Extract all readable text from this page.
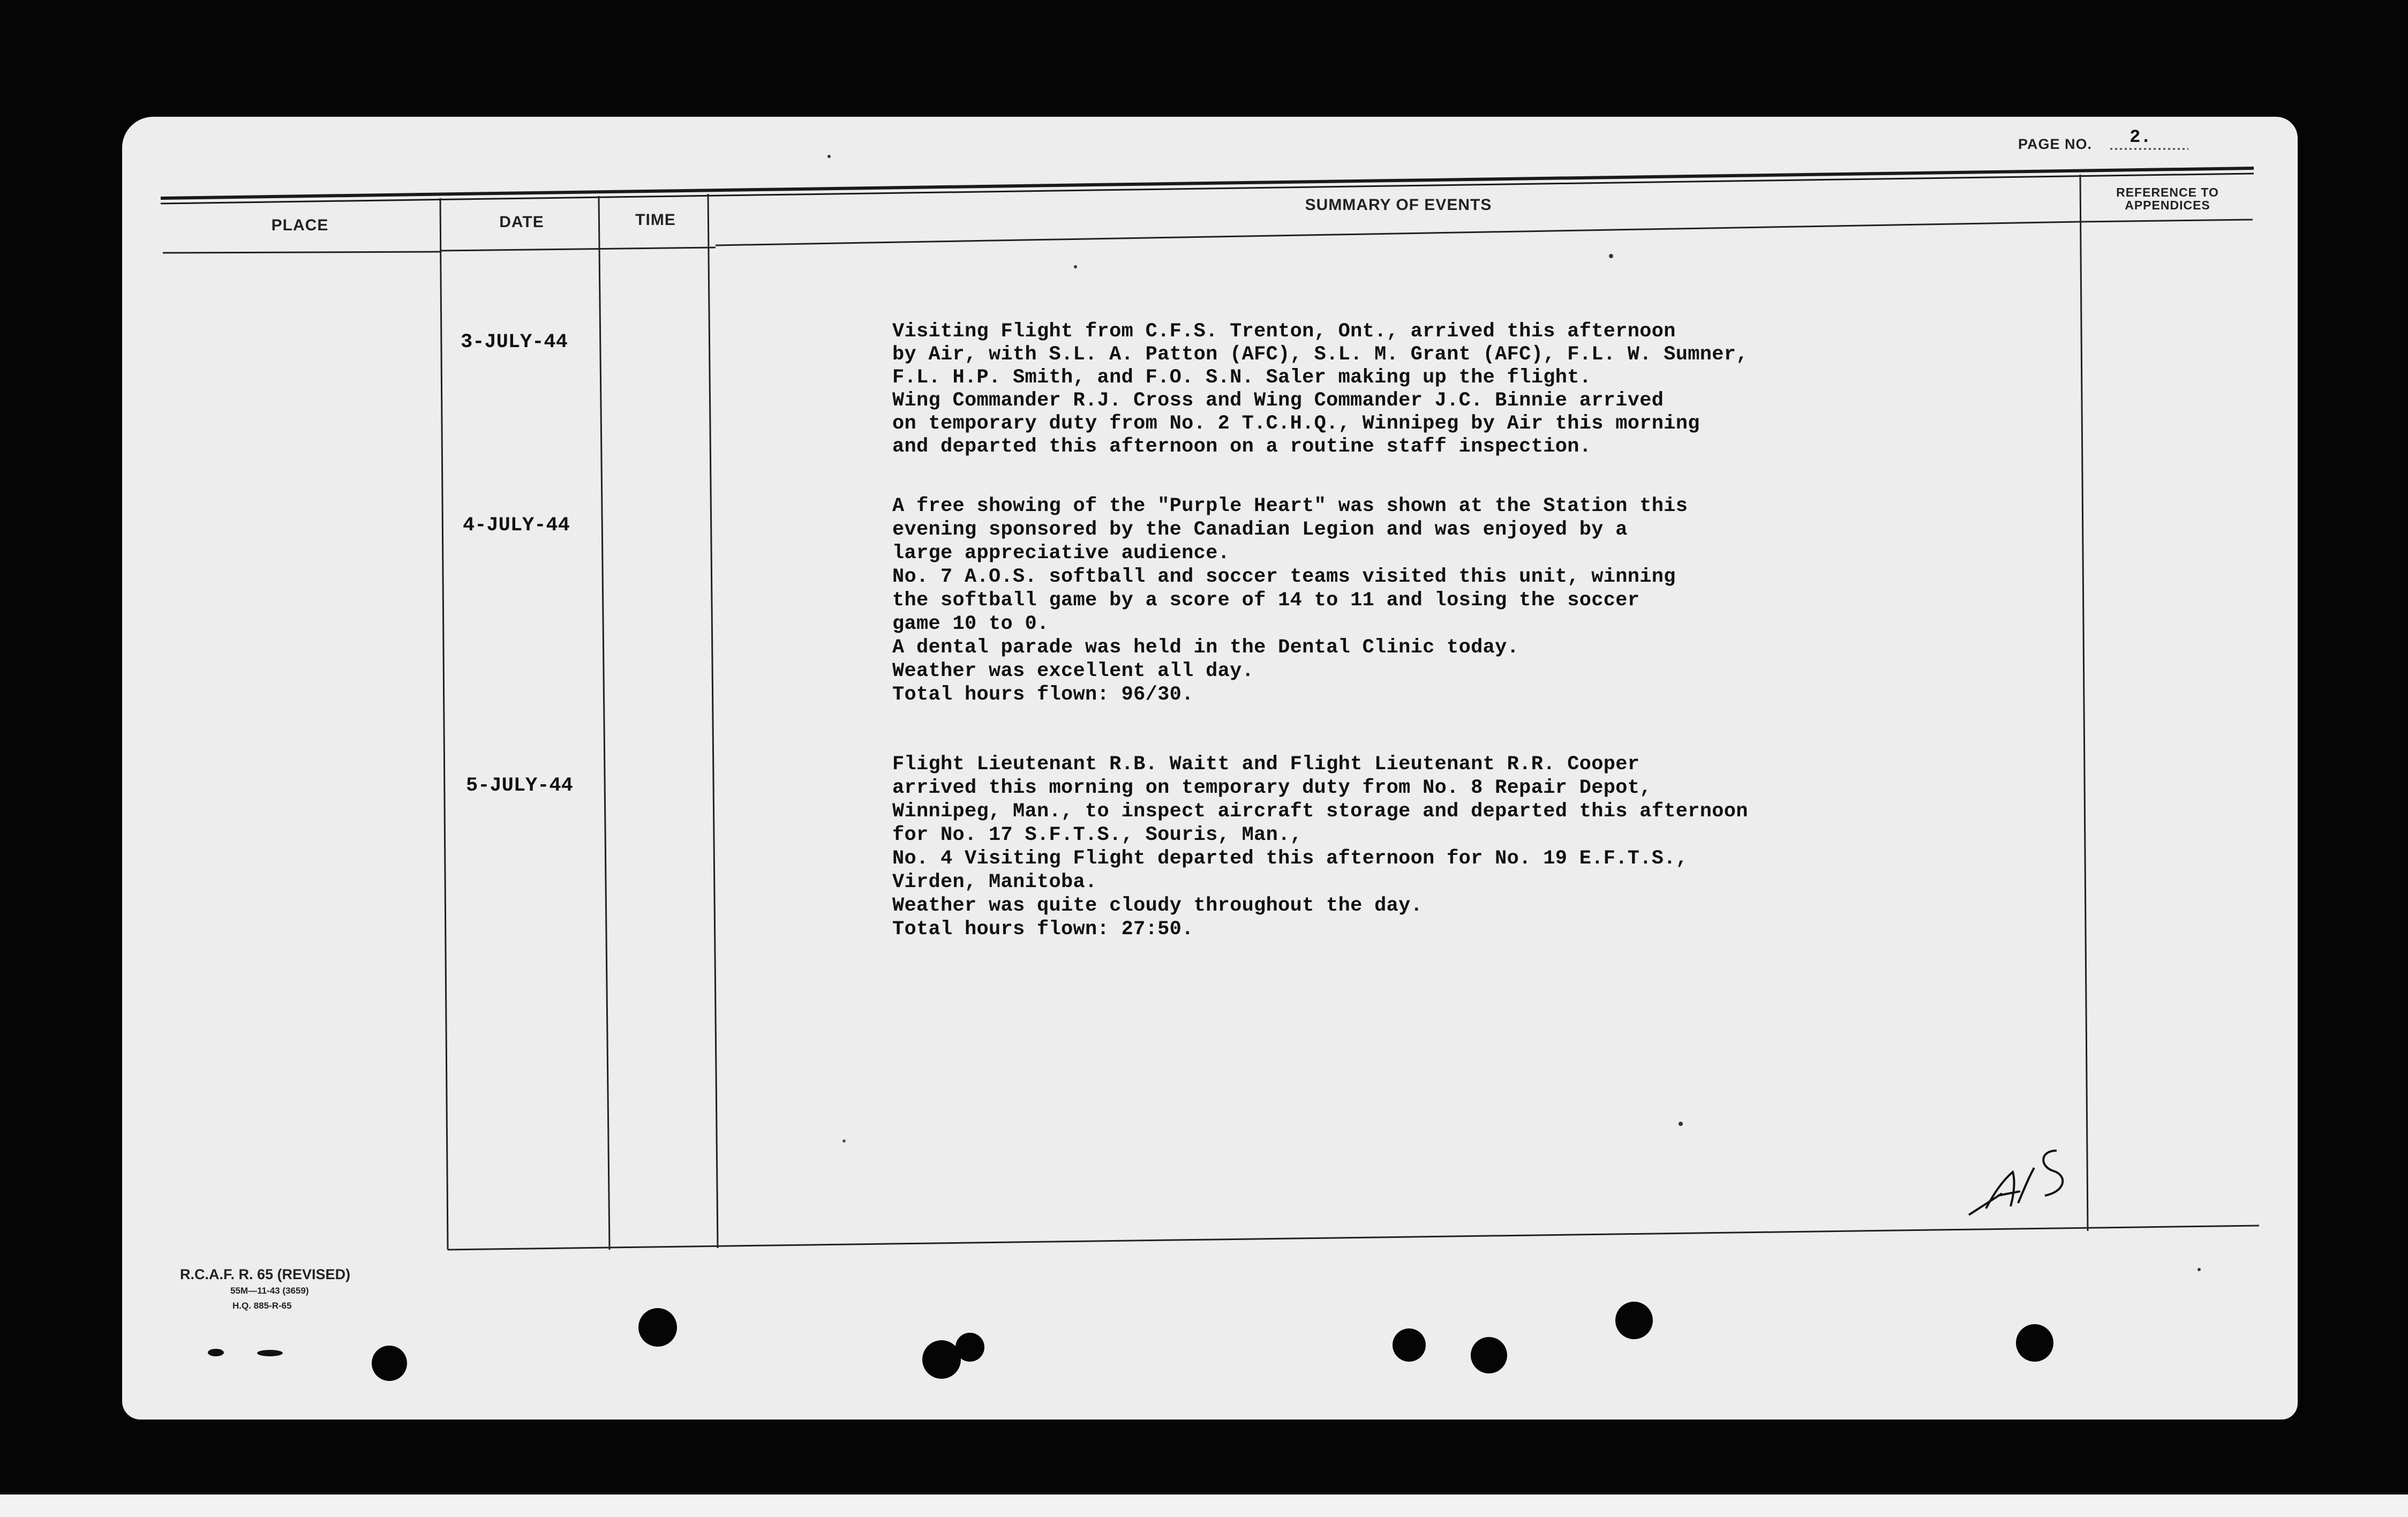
PAGE NO. 2.
PLACE	DATE	TIME
SUMMARY OF EVENTS
REFERENCE TO
APPENDICES
3-JULY-44
4-JULY-44
5-JULY-44
Visiting Flight from C.F.S. Trenton, Ont., arrived this afternoon
by Air, with S.L. A. Patton (AFC), S.L. M. Grant (AFC), F.L. W. Sumner,
F.L. H.P. Smith, and F.O. S.N. Saler making up the flight.
Wing Commander R.J. Cross and Wing Commander J.C. Binnie arrived
on temporary duty from No. 2 T.C.H.Q., Winnipeg by Air this morning
and departed this afternoon on a routine staff inspection.
A free showing of the "Purple Heart" was shown at the Station this
evening sponsored by the Canadian Legion and was enjoyed by a
large appreciative audience.
No. 7 A.O.S. softball and soccer teams visited this unit, winning
the softball game by a score of 14 to 11 and losing the soccer
game 10 to 0.
A dental parade was held in the Dental Clinic today.
Weather was excellent all day.
Total hours flown: 96/30.
Flight Lieutenant R.B. Waitt and Flight Lieutenant R.R. Cooper
arrived this morning on temporary duty from No. 8 Repair Depot,
Winnipeg, Man., to inspect aircraft storage and departed this afternoon
for No. 17 S.F.T.S., Souris, Man.,
No. 4 Visiting Flight departed this afternoon for No. 19 E.F.T.S.,
Virden, Manitoba.
Weather was quite cloudy throughout the day.
Total hours flown: 27:50.
R.C.A.F. R. 65 (REVISED)
55M—11-43 (3659)
H.Q. 885-R-65
